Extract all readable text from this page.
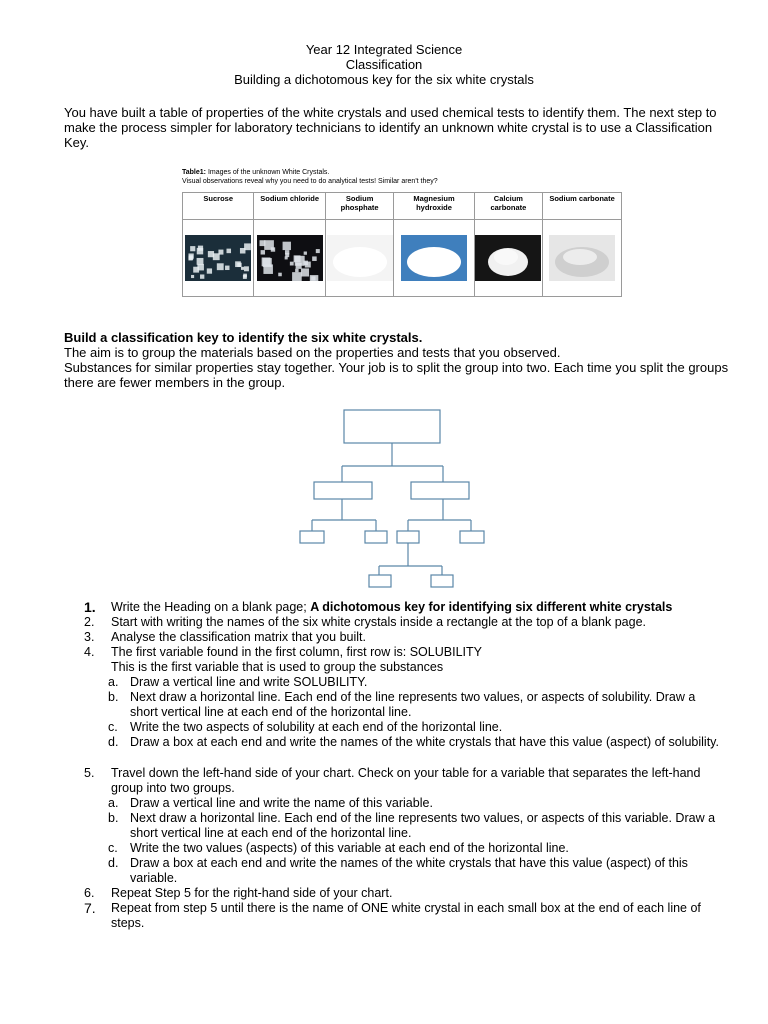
Year 12 Integrated Science
Classification
Building a dichotomous key for the six white crystals
You have built a table of properties of the white crystals and used chemical tests to identify them. The next step to make the process simpler for laboratory technicians to identify an unknown white crystal is to use a Classification Key.
Table1: Images of the unknown White Crystals.
Visual observations reveal why you need to do analytical tests! Similar aren't they?
Sucrose	Sodium chloride	Sodium phosphate	Magnesium hydroxide	Calcium carbonate	Sodium carbonate

Build a classification key to identify the six white crystals.
The aim is to group the materials based on the properties and tests that you observed.
Substances for similar properties stay together. Your job is to split the group into two. Each time you split the groups there are fewer members in the group.
1.	Write the Heading on a blank page; A dichotomous key for identifying six different white crystals
2.	Start with writing the names of the six white crystals inside a rectangle at the top of a blank page.
3.	Analyse the classification matrix that you built.
4.	The first variable found in the first column, first row is: SOLUBILITY
This is the first variable that is used to group the substances
a. Draw a vertical line and write SOLUBILITY.
b. Next draw a horizontal line. Each end of the line represents two values, or aspects of solubility. Draw a short vertical line at each end of the horizontal line.
c. Write the two aspects of solubility at each end of the horizontal line.
d. Draw a box at each end and write the names of the white crystals that have this value (aspect) of solubility.
5.	Travel down the left-hand side of your chart. Check on your table for a variable that separates the left-hand group into two groups.
a. Draw a vertical line and write the name of this variable.
b. Next draw a horizontal line. Each end of the line represents two values, or aspects of this variable. Draw a short vertical line at each end of the horizontal line.
c. Write the two values (aspects) of this variable at each end of the horizontal line.
d. Draw a box at each end and write the names of the white crystals that have this value (aspect) of this variable.
6.	Repeat Step 5 for the right-hand side of your chart.
7.	Repeat from step 5 until there is the name of ONE white crystal in each small box at the end of each line of steps.
